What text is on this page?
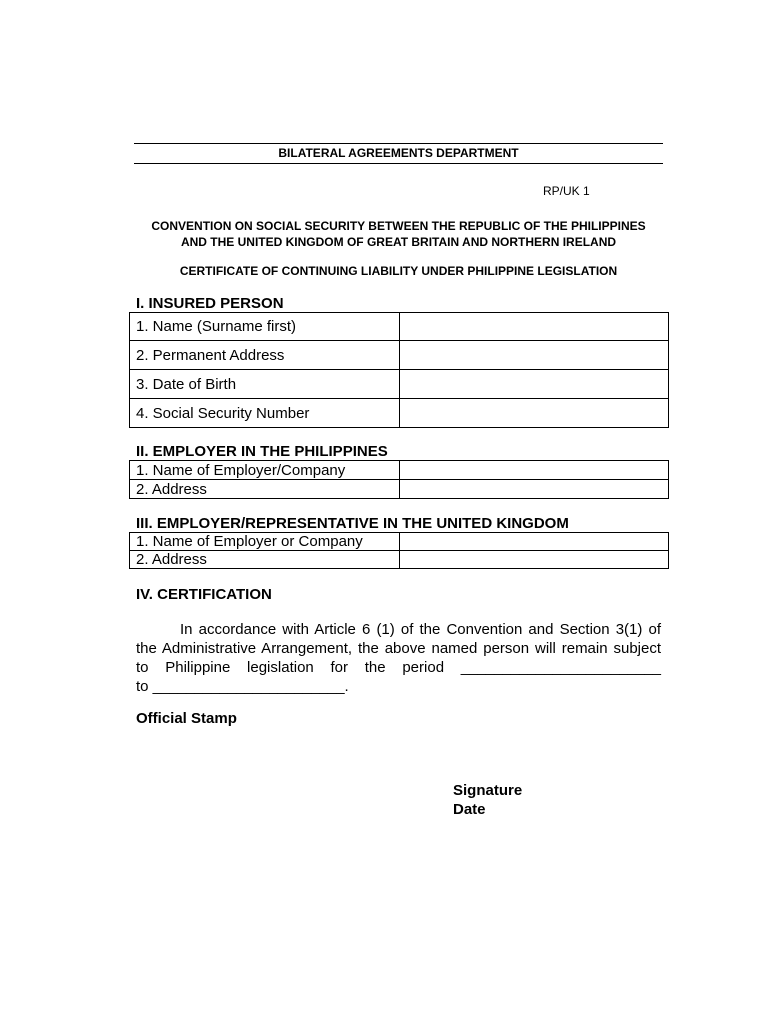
BILATERAL AGREEMENTS DEPARTMENT
RP/UK 1
CONVENTION ON SOCIAL SECURITY BETWEEN THE REPUBLIC OF THE PHILIPPINES
AND THE UNITED KINGDOM OF GREAT BRITAIN AND NORTHERN IRELAND
CERTIFICATE OF CONTINUING LIABILITY UNDER PHILIPPINE LEGISLATION
I. INSURED PERSON
1. Name (Surname first)	
2. Permanent Address	
3. Date of Birth	
4. Social Security Number	
II. EMPLOYER IN THE PHILIPPINES
1. Name of Employer/Company	
2. Address	
III. EMPLOYER/REPRESENTATIVE IN THE UNITED KINGDOM
1. Name of Employer or Company	
2. Address	
IV. CERTIFICATION
In accordance with Article 6 (1) of the Convention and Section 3(1) of
the Administrative Arrangement, the above named person will remain subject
to Philippine legislation for the period ________________________
to _______________________.
Official Stamp
Signature
Date
